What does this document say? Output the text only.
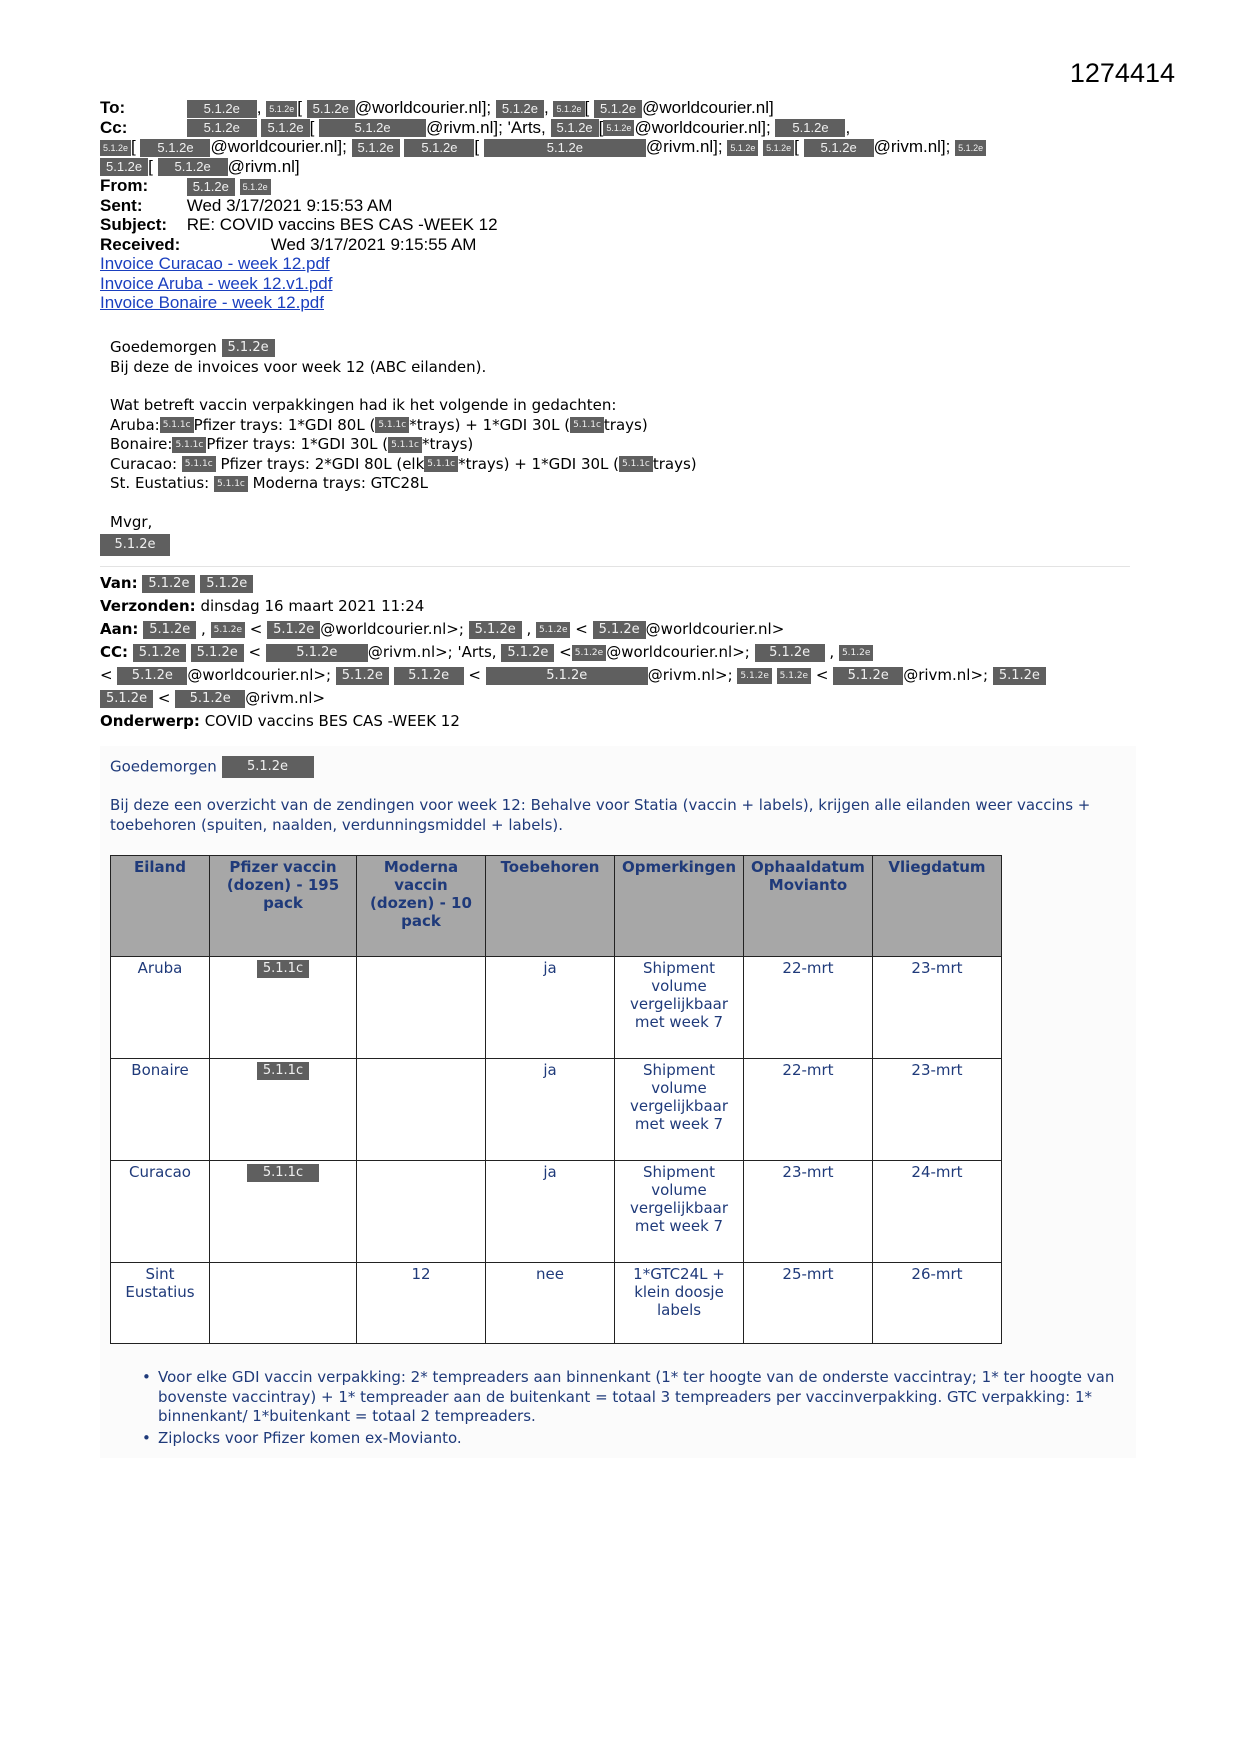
1274414
To:	5.1.2e , 5.1.2e [ 5.1.2e @worldcourier.nl]; 5.1.2e , 5.1.2e [ 5.1.2e @worldcourier.nl]
Cc:	5.1.2e 5.1.2e [	5.1.2e @rivm.nl]; 'Arts, 5.1.2e [ 5.1.2e @worldcourier.nl]; 5.1.2e ,
5.1.2e [ 5.1.2e @worldcourier.nl]; 5.1.2e 5.1.2e [	5.1.2e	@rivm.nl]; 5.1.2e 5.1.2e [ 5.1.2e @rivm.nl]; 5.1.2e
5.1.2e [ 5.1.2e @rivm.nl]
From:	5.1.2e 5.1.2e
Sent:	Wed 3/17/2021 9:15:53 AM
Subject: RE: COVID vaccins BES CAS -WEEK 12
Received:	Wed 3/17/2021 9:15:55 AM
Invoice Curacao - week 12.pdf
Invoice Aruba - week 12.v1.pdf
Invoice Bonaire - week 12.pdf

Goedemorgen 5.1.2e

Bij deze de invoices voor week 12 (ABC eilanden).

Wat betreft vaccin verpakkingen had ik het volgende in gedachten:

Aruba: 5.1.1c Pfizer trays: 1*GDI 80L ( 5.1.1c *trays) + 1*GDI 30L ( 5.1.1c trays)

Bonaire: 5.1.1c Pfizer trays: 1*GDI 30L ( 5.1.1c *trays)

Curacao: 5.1.1c Pfizer trays: 2*GDI 80L (elk 5.1.1c *trays) + 1*GDI 30L ( 5.1.1c trays)

St. Eustatius: 5.1.1c Moderna trays: GTC28L

Mvgr,

5.1.2e

Van: 5.1.2e 5.1.2e
Verzonden: dinsdag 16 maart 2021 11:24
Aan: 5.1.2e , 5.1.2e < 5.1.2e @worldcourier.nl>; 5.1.2e , 5.1.2e < 5.1.2e @worldcourier.nl>
CC: 5.1.2e 5.1.2e < 5.1.2e @rivm.nl>; 'Arts, 5.1.2e < 5.1.2e @worldcourier.nl>; 5.1.2e , 5.1.2e
< 5.1.2e @worldcourier.nl>; 5.1.2e 5.1.2e <	5.1.2e	@rivm.nl>; 5.1.2e 5.1.2e < 5.1.2e @rivm.nl>; 5.1.2e
5.1.2e < 5.1.2e @rivm.nl>
Onderwerp: COVID vaccins BES CAS -WEEK 12
Goedemorgen 5.1.2e
Bij deze een overzicht van de zendingen voor week 12: Behalve voor Statia (vaccin + labels), krijgen alle eilanden weer vaccins + toebehoren (spuiten, naalden, verdunningsmiddel + labels).
Eiland	Pfizer vaccin (dozen) - 195 pack	Moderna vaccin (dozen) - 10 pack	Toebehoren	Opmerkingen	Ophaaldatum Movianto	Vliegdatum
Aruba	5.1.1c		ja	Shipment volume vergelijkbaar met week 7	22-mrt	23-mrt
Bonaire	5.1.1c		ja	Shipment volume vergelijkbaar met week 7	22-mrt	23-mrt
Curacao	5.1.1c		ja	Shipment volume vergelijkbaar met week 7	23-mrt	24-mrt
Sint Eustatius		12	nee	1*GTC24L + klein doosje labels	25-mrt	26-mrt
• Voor elke GDI vaccin verpakking: 2* tempreaders aan binnenkant (1* ter hoogte van de onderste vaccintray; 1* ter hoogte van bovenste vaccintray) + 1* tempreader aan de buitenkant = totaal 3 tempreaders per vaccinverpakking. GTC verpakking: 1* binnenkant/ 1*buitenkant = totaal 2 tempreaders.
• Ziplocks voor Pfizer komen ex-Movianto.
